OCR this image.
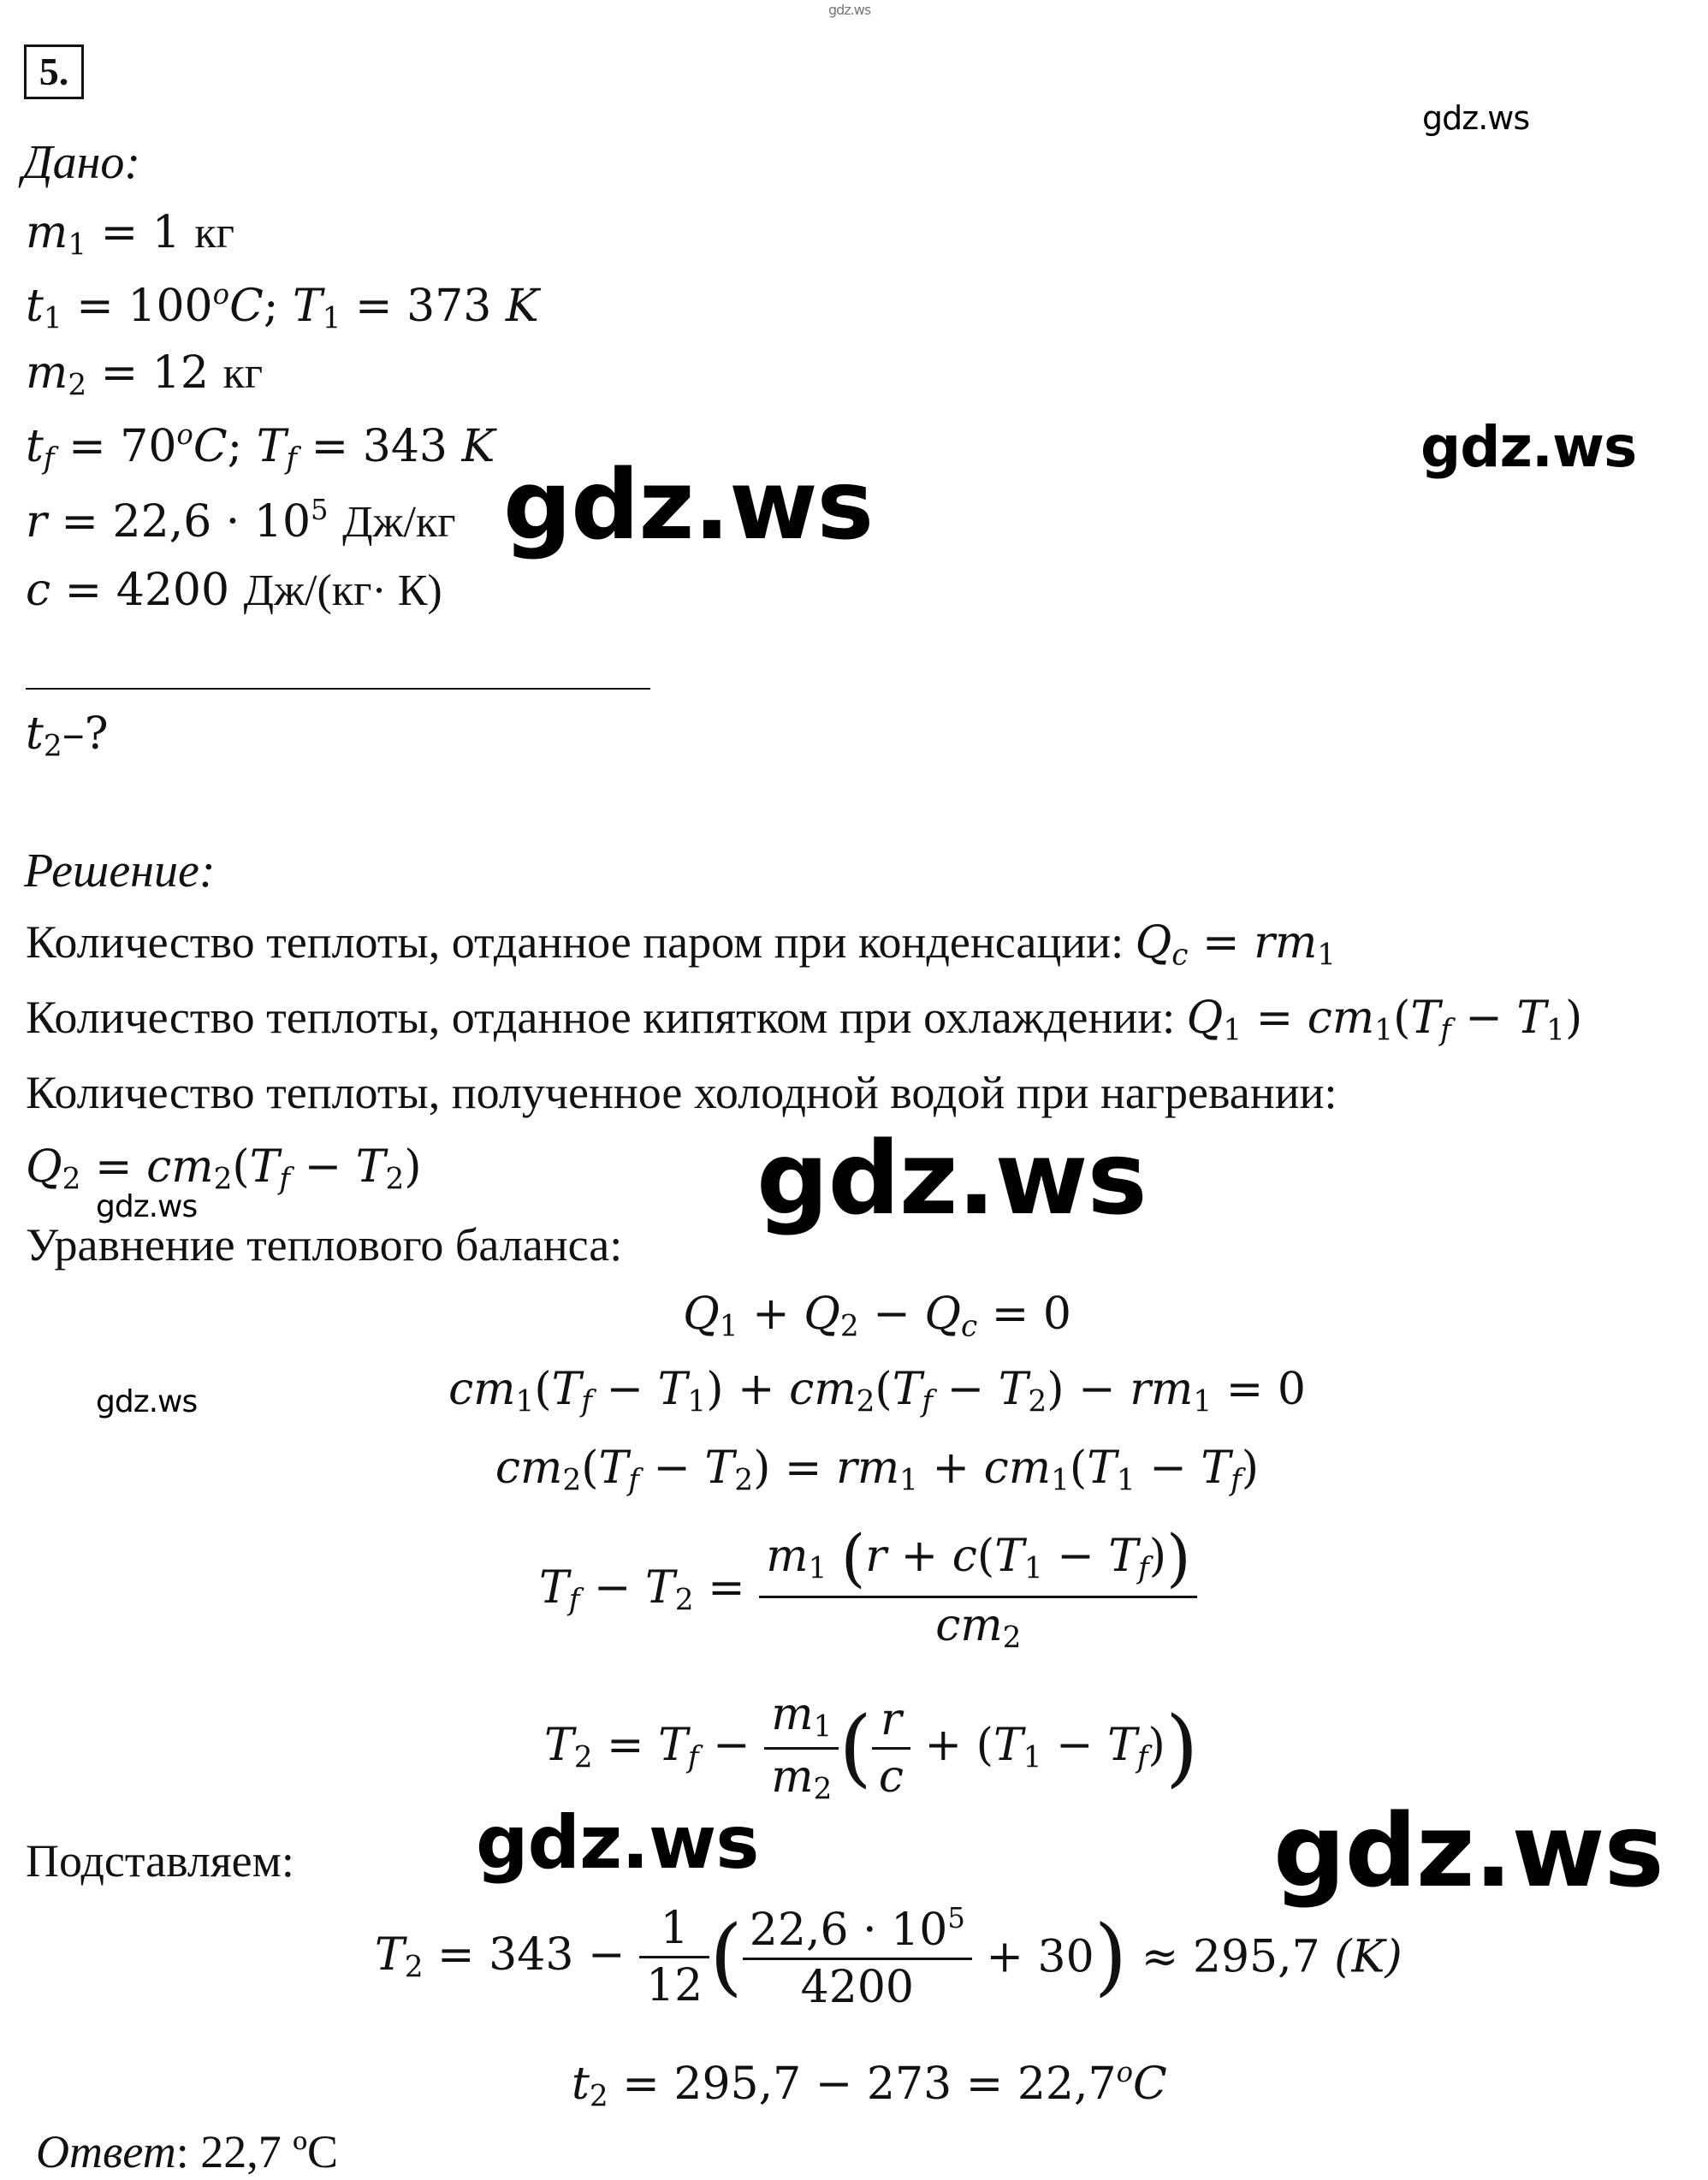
gdz.ws
5.
Дано:
$m_1 = 1$ кг
$t_1 = 100^oC$; $T_1 = 373$ K
$m_2 = 12$ кг
$t_f = 70^oC$; $T_f = 343$ K
$r = 22,6 \cdot 10^5$ Дж/кг
c = 4200 Дж/(кг· К)
$t_2-$?
Решение:
Количество теплоты, отданное паром при конденсации: $Q_c = rm_1$
Количество теплоты, отданное кипятком при охлаждении: $Q_1 = cm_1(T_f - T_1)$
Количество теплоты, полученное холодной водой при нагревании:
$Q_2 = cm_2(T_f - T_2)$
Уравнение теплового баланса:
$Q_1 + Q_2 - Q_c = 0$
$cm_1(T_f - T_1) + cm_2(T_f - T_2) - rm_1 = 0$
$cm_2(T_f - T_2) = rm_1 + cm_1(T_1 - T_f)$
$T_f - T_2 = \frac{m_1 (r + c(T_1 - T_f))}{cm_2}$
$T_2 = T_f - \frac{m_1}{m_2}$ ( $\frac{r}{c} + (T_1 - T_f)$)
Подставляем:
$T_2 = 343 - \frac{1}{12}$ ( $\frac{22,6 \cdot 10^5}{4200} + 30) \approx 295,7$ (K)
$t_2 = 295,7 - 273 = 22,7^oC$
Ответ: 22,7 ºC
gdz.ws
gdz.ws
gdz.ws
gdz.ws
gdz.ws
gdz.ws
gdz.ws	gdz.ws
